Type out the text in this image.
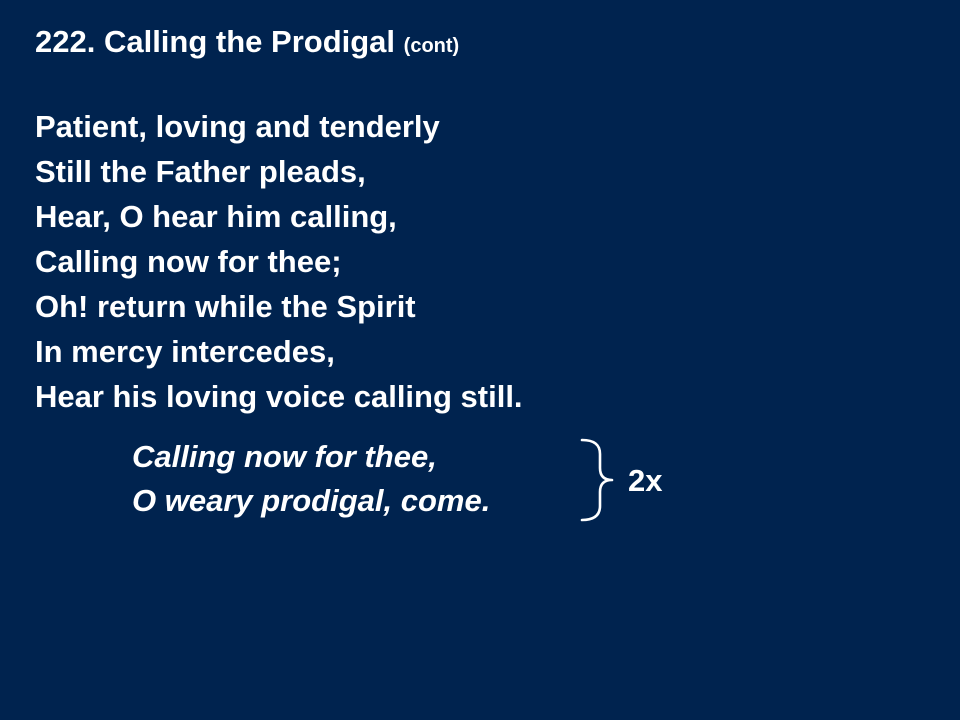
222. Calling the Prodigal (cont)
Patient, loving and tenderly
Still the Father pleads,
Hear, O hear him calling,
Calling now for thee;
Oh! return while the Spirit
In mercy intercedes,
Hear his loving voice calling still.
Calling now for thee,
O weary prodigal, come.
2x
